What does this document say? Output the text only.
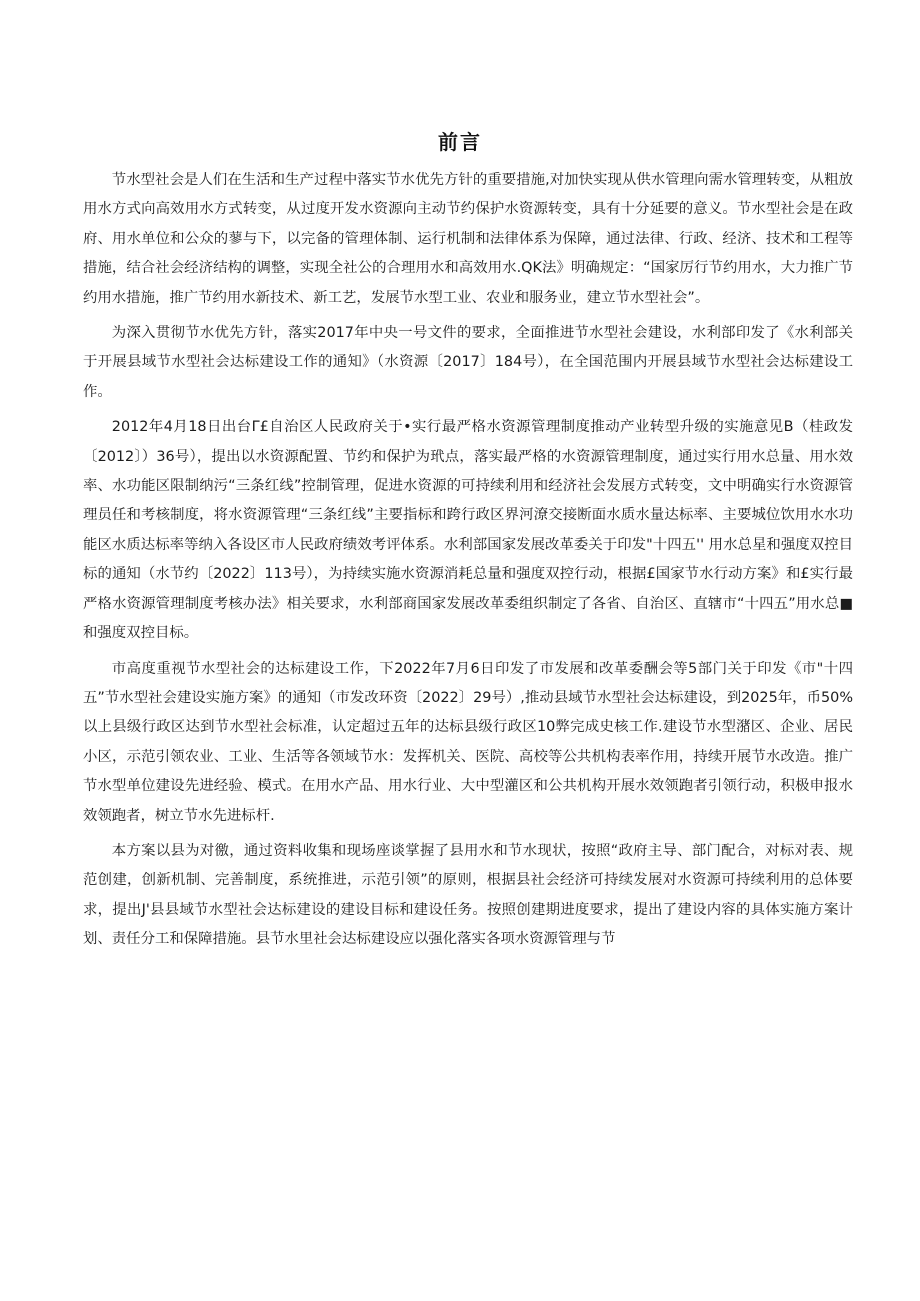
前言

节水型社会是人们在生活和生产过程中落实节水优先方针的重要措施,对加快实现从供水管理向需水管理转变，从粗放用水方式向高效用水方式转变，从过度开发水资源向主动节约保护水资源转变，具有十分延要的意义。节水型社会是在政府、用水单位和公众的蓼与下，以完备的管理体制、运行机制和法律体系为保障，通过法律、行政、经济、技术和工程等措施，结合社会经济结构的调整，实现全社公的合理用水和高效用水.QK法》明确规定：“国家厉行节约用水，大力推广节约用水措施，推广节约用水新技术、新工艺，发展节水型工业、农业和服务业，建立节水型社会”。

为深入贯彻节水优先方针，落实2017年中央一号文件的要求，全面推进节水型社会建设，水利部印发了《水利部关于开展县域节水型社会达标建设工作的通知》（水资源〔2017〕184号），在全国范围内开展县域节水型社会达标建设工作。

2012年4月18日出台Γ£自治区人民政府关于•实行最严格水资源管理制度推动产业转型升级的实施意见B（桂政发〔2012〕）36号），提出以水资源配置、节约和保护为玳点，落实最严格的水资源管理制度，通过实行用水总量、用水效率、水功能区限制纳污“三条红线”控制管理，促进水资源的可持续利用和经济社会发展方式转变，文中明确实行水资源管理员任和考核制度，将水资源管理“三条红线”主要指标和跨行政区界河潦交接断面水质水量达标率、主要城位饮用水水功能区水质达标率等纳入各设区市人民政府绩效考评体系。水利部国家发展改革委关于印发"十四五'' 用水总星和强度双控目标的通知（水节约〔2022〕113号），为持续实施水资源消耗总量和强度双控行动，根据£国家节水行动方案》和£实行最严格水资源管理制度考核办法》相关要求，水利部商国家发展改革委组织制定了各省、自治区、直辖市“十四五”用水总■和强度双控目标。

市高度重视节水型社会的达标建设工作，下2022年7月6日印发了市发展和改革委酬会等5部门关于印发《市"十四五”节水型社会建设实施方案》的通知（市发改环资〔2022〕29号）,推动县域节水型社会达标建设，到2025年，币50%以上县级行政区达到节水型社会标准，认定超过五年的达标县级行政区10弊完成史核工作.建设节水型潴区、企业、居民小区，示范引领农业、工业、生活等各领域节水：发挥机关、医院、高校等公共机构表率作用，持续开展节水改造。推广节水型单位建设先进经验、模式。在用水产品、用水行业、大中型灌区和公共机构开展水效领跑者引领行动，积极申报水效领跑者，树立节水先进标杆.

本方案以县为对徼，通过资料收集和现场座谈掌握了县用水和节水现状，按照“政府主导、部门配合，对标对表、规范创建，创新机制、完善制度，系统推进，示范引领”的原则，根据县社会经济可持续发展对水资源可持续利用的总体要求，提出J'县县域节水型社会达标建设的建设目标和建设任务。按照创建期进度要求，提出了建设内容的具体实施方案计划、责任分工和保障措施。县节水里社会达标建设应以强化落实各项水资源管理与节
